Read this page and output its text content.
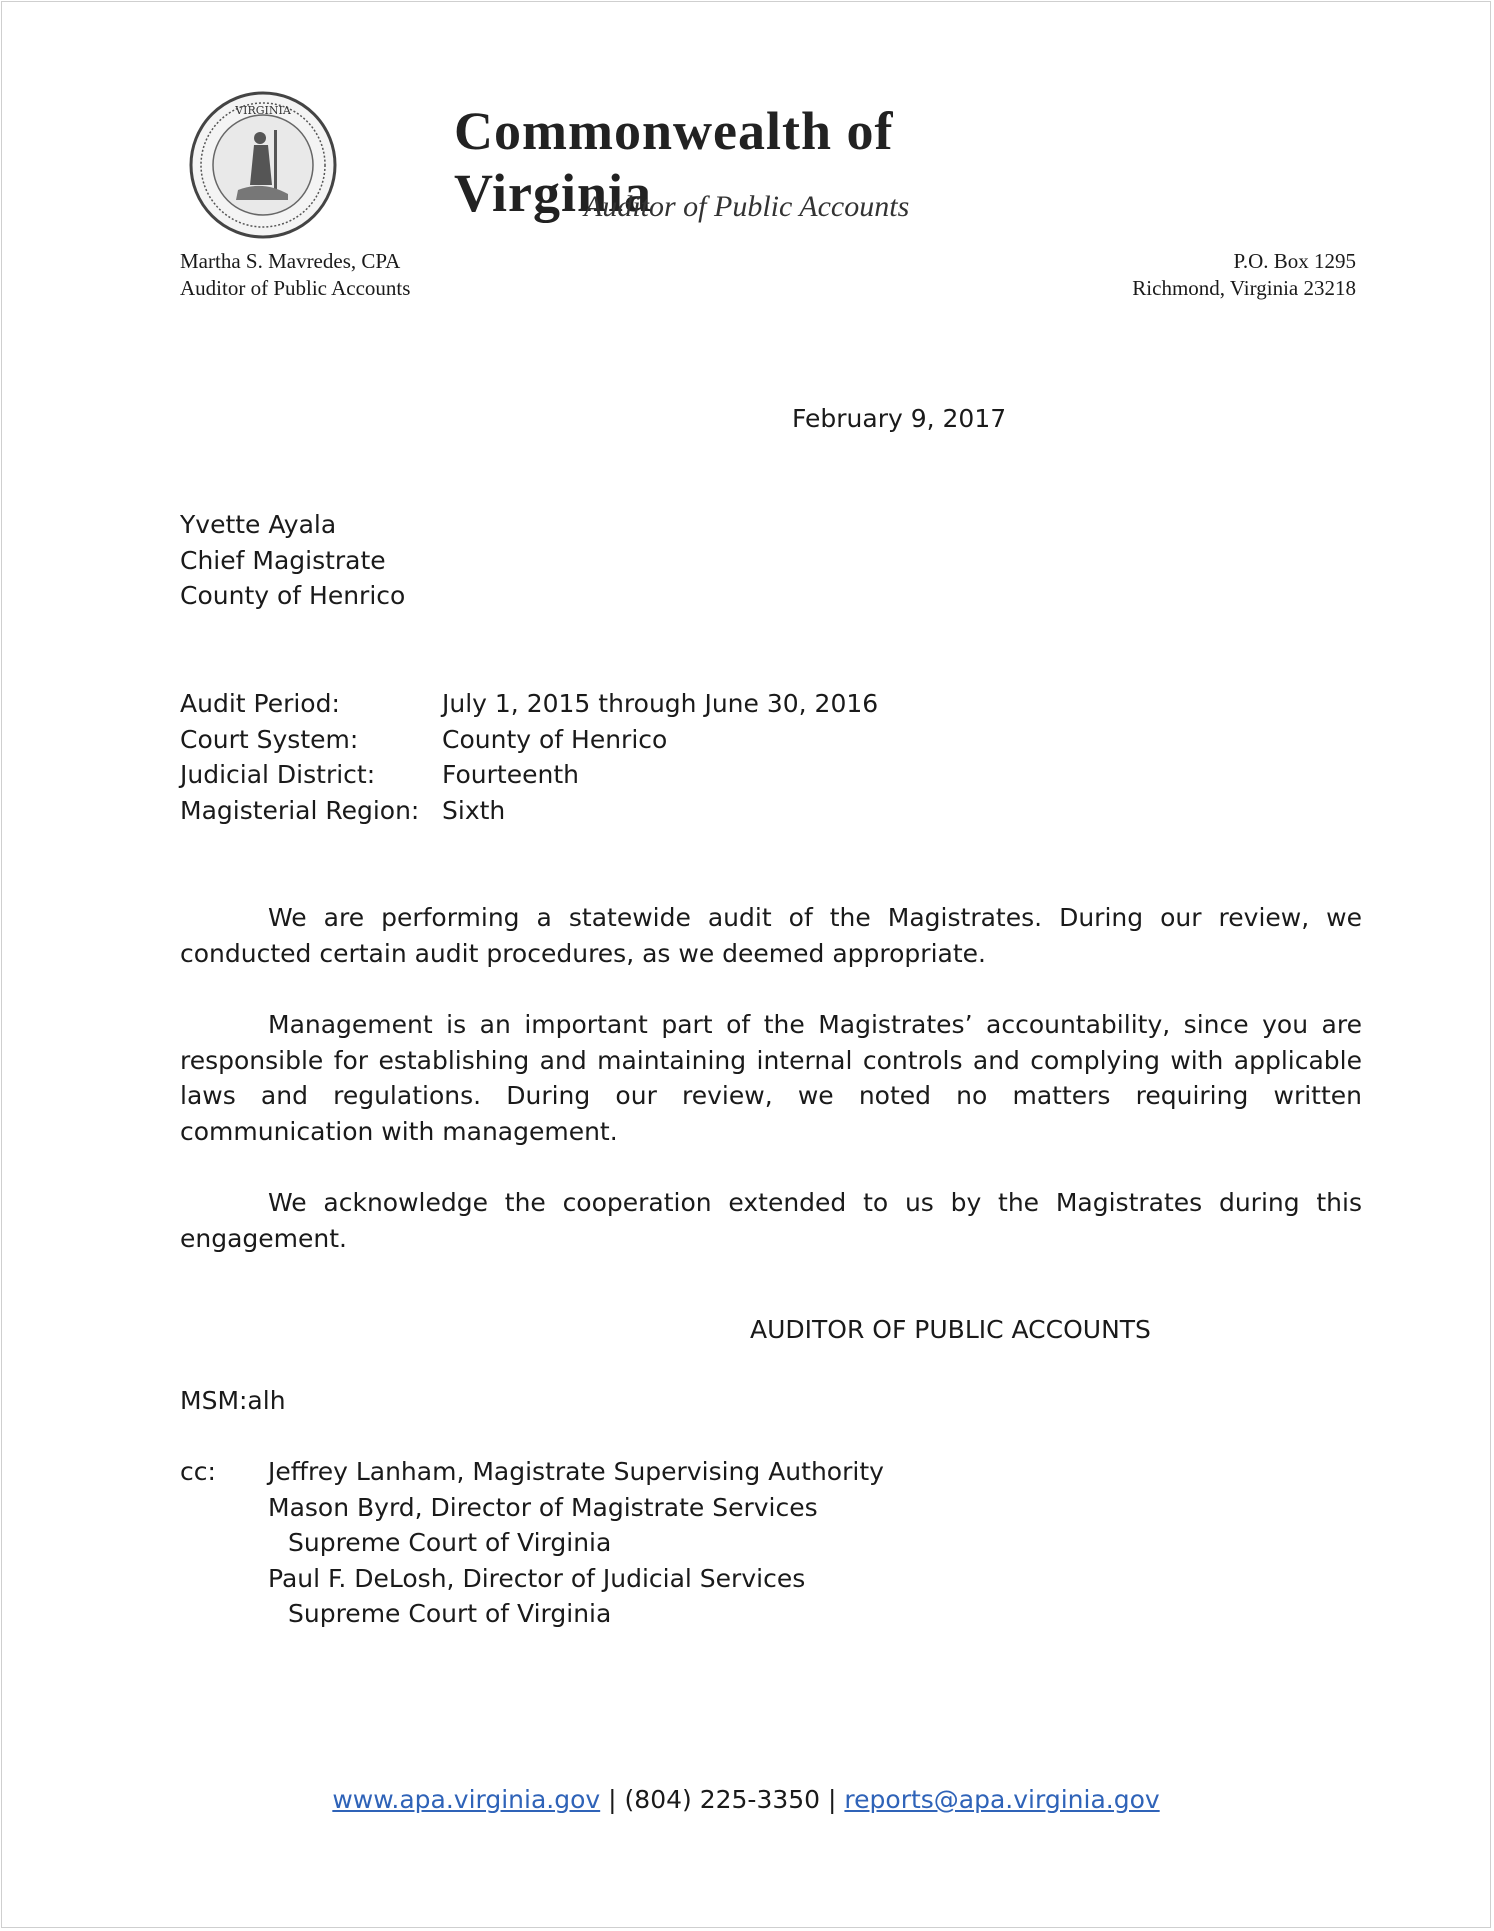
VIRGINIA	Commonwealth of Virginia
Auditor of Public Accounts
Martha S. Mavredes, CPA
Auditor of Public Accounts
P.O. Box 1295
Richmond, Virginia 23218
February 9, 2017
Yvette Ayala
Chief Magistrate
County of Henrico
Audit Period:	July 1, 2015 through June 30, 2016
Court System:	County of Henrico
Judicial District:	Fourteenth
Magisterial Region: Sixth

We are performing a statewide audit of the Magistrates. During our review, we conducted certain audit procedures, as we deemed appropriate.

Management is an important part of the Magistrates’ accountability, since you are responsible for establishing and maintaining internal controls and complying with applicable laws and regulations. During our review, we noted no matters requiring written communication with management.

We acknowledge the cooperation extended to us by the Magistrates during this engagement.

AUDITOR OF PUBLIC ACCOUNTS
MSM:alh
cc:	Jeffrey Lanham, Magistrate Supervising Authority
Mason Byrd, Director of Magistrate Services
Supreme Court of Virginia
Paul F. DeLosh, Director of Judicial Services
Supreme Court of Virginia
www.apa.virginia.gov | (804) 225-3350 | reports@apa.virginia.gov
